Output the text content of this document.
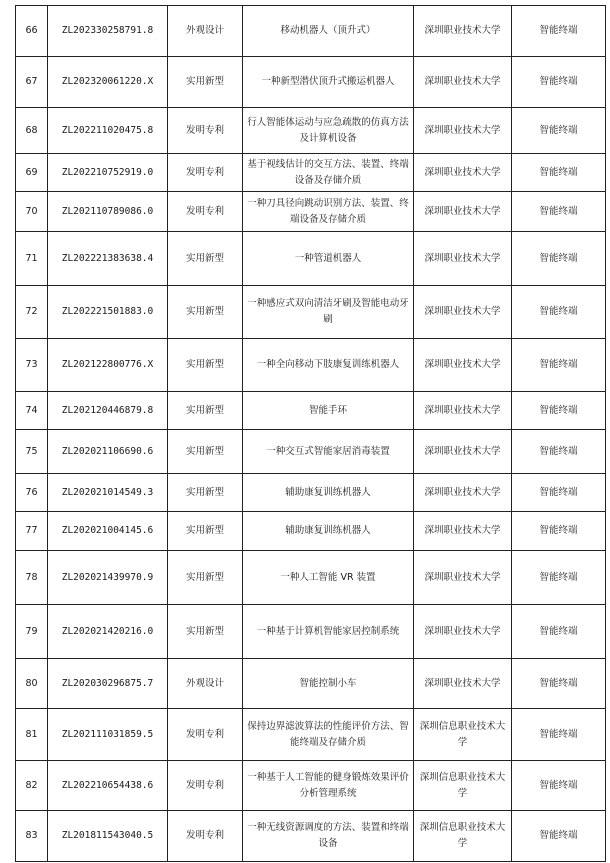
66	ZL202330258791.8	外观设计	移动机器人（顶升式）	深圳职业技术大学	智能终端
67	ZL202320061220.X	实用新型	一种新型潜伏顶升式搬运机器人	深圳职业技术大学	智能终端
68	ZL202211020475.8	发明专利	行人智能体运动与应急疏散的仿真方法及计算机设备	深圳职业技术大学	智能终端
69	ZL202210752919.0	发明专利	基于视线估计的交互方法、装置、终端设备及存储介质	深圳职业技术大学	智能终端
70	ZL202110789086.0	发明专利	一种刀具径向跳动识别方法、装置、终端设备及存储介质	深圳职业技术大学	智能终端
71	ZL202221383638.4	实用新型	一种管道机器人	深圳职业技术大学	智能终端
72	ZL202221501883.0	实用新型	一种感应式双向清洁牙刷及智能电动牙刷	深圳职业技术大学	智能终端
73	ZL202122800776.X	实用新型	一种全向移动下肢康复训练机器人	深圳职业技术大学	智能终端
74	ZL202120446879.8	实用新型	智能手环	深圳职业技术大学	智能终端
75	ZL202021106690.6	实用新型	一种交互式智能家居消毒装置	深圳职业技术大学	智能终端
76	ZL202021014549.3	实用新型	辅助康复训练机器人	深圳职业技术大学	智能终端
77	ZL202021004145.6	实用新型	辅助康复训练机器人	深圳职业技术大学	智能终端
78	ZL202021439970.9	实用新型	一种人工智能 VR 装置	深圳职业技术大学	智能终端
79	ZL202021420216.0	实用新型	一种基于计算机智能家居控制系统	深圳职业技术大学	智能终端
80	ZL202030296875.7	外观设计	智能控制小车	深圳职业技术大学	智能终端
81	ZL202111031859.5	发明专利	保持边界滤波算法的性能评价方法、智能终端及存储介质	深圳信息职业技术大学	智能终端
82	ZL202210654438.6	发明专利	一种基于人工智能的健身锻炼效果评价分析管理系统	深圳信息职业技术大学	智能终端
83	ZL201811543040.5	发明专利	一种无线资源调度的方法、装置和终端设备	深圳信息职业技术大学	智能终端
